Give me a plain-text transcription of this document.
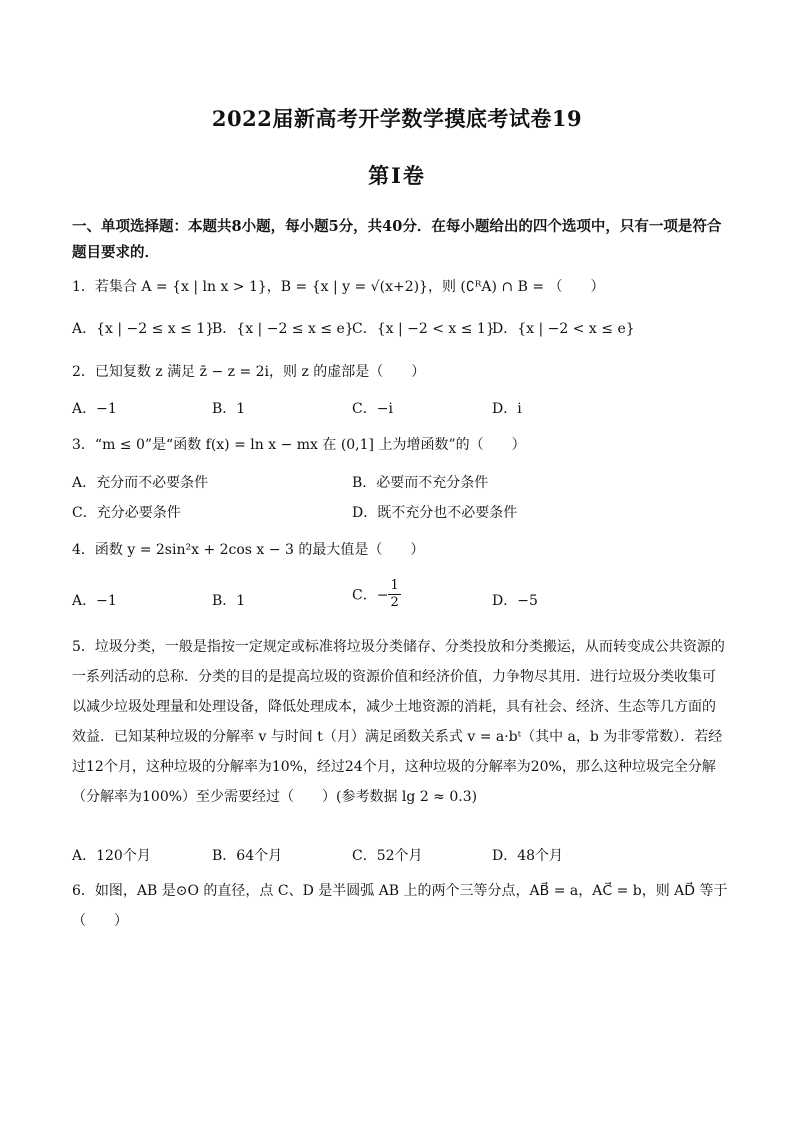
2022届新高考开学数学摸底考试卷19
第Ⅰ卷
一、单项选择题：本题共8小题，每小题5分，共40分．在每小题给出的四个选项中，只有一项是符合题目要求的．
1．若集合 A = {x | ln x > 1}，B = {x | y = √(x+2)}，则 (∁ᴿA) ∩ B = （　　）
A．{x | −2 ≤ x ≤ 1}
B．{x | −2 ≤ x ≤ e}
C．{x | −2 < x ≤ 1}
D．{x | −2 < x ≤ e}
2．已知复数 z 满足 z̄ − z = 2i，则 z 的虚部是（　　）
A．−1	B．1	C．−i	D．i
3．“m ≤ 0”是“函数 f(x) = ln x − mx 在 (0,1] 上为增函数”的（　　）
A．充分而不必要条件	B．必要而不充分条件
C．充分必要条件	D．既不充分也不必要条件
4．函数 y = 2sin²x + 2cos x − 3 的最大值是（　　）
A．−1	B．1	C．− $\frac{1}{2}$	D．−5
5．垃圾分类，一般是指按一定规定或标准将垃圾分类储存、分类投放和分类搬运，从而转变成公共资源的一系列活动的总称．分类的目的是提高垃圾的资源价值和经济价值，力争物尽其用．进行垃圾分类收集可以减少垃圾处理量和处理设备，降低处理成本，减少土地资源的消耗，具有社会、经济、生态等几方面的效益．已知某种垃圾的分解率 v 与时间 t（月）满足函数关系式 v = a·bᵗ（其中 a，b 为非零常数）．若经过12个月，这种垃圾的分解率为10%，经过24个月，这种垃圾的分解率为20%，那么这种垃圾完全分解（分解率为100%）至少需要经过（　　）(参考数据 lg 2 ≈ 0.3)
A．120个月	B．64个月	C．52个月	D．48个月
6．如图，AB 是⊙O 的直径，点 C、D 是半圆弧 AB 上的两个三等分点，AB⃗ = a，AC⃗ = b，则 AD⃗ 等于（　　）
